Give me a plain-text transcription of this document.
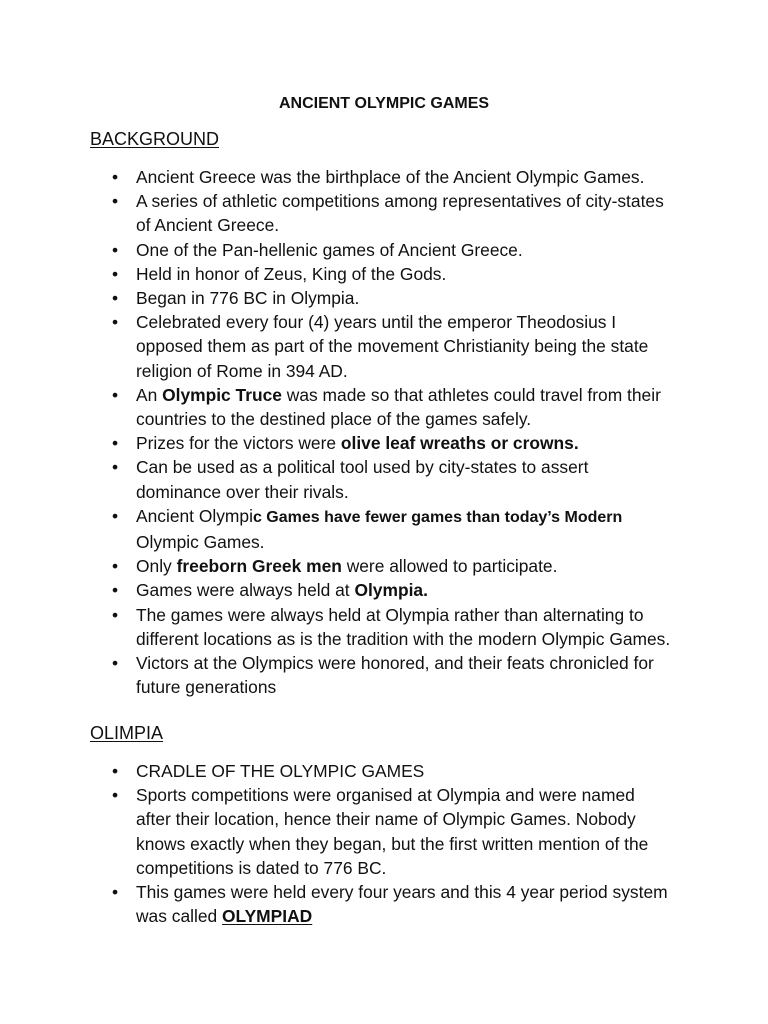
ANCIENT OLYMPIC GAMES
BACKGROUND
• Ancient Greece was the birthplace of the Ancient Olympic Games.
• A series of athletic competitions among representatives of city-states
of Ancient Greece.
• One of the Pan-hellenic games of Ancient Greece.
• Held in honor of Zeus, King of the Gods.
• Began in 776 BC in Olympia.
• Celebrated every four (4) years until the emperor Theodosius I
opposed them as part of the movement Christianity being the state
religion of Rome in 394 AD.
• An Olympic Truce was made so that athletes could travel from their
countries to the destined place of the games safely.
• Prizes for the victors were olive leaf wreaths or crowns.
• Can be used as a political tool used by city-states to assert
dominance over their rivals.
• Ancient Olympic Games have fewer games than today’s Modern
Olympic Games.
• Only freeborn Greek men were allowed to participate.
• Games were always held at Olympia.
• The games were always held at Olympia rather than alternating to
different locations as is the tradition with the modern Olympic Games.
• Victors at the Olympics were honored, and their feats chronicled for
future generations
OLIMPIA
• CRADLE OF THE OLYMPIC GAMES
• Sports competitions were organised at Olympia and were named
after their location, hence their name of Olympic Games. Nobody
knows exactly when they began, but the first written mention of the
competitions is dated to 776 BC.
• This games were held every four years and this 4 year period system
was called OLYMPIAD
